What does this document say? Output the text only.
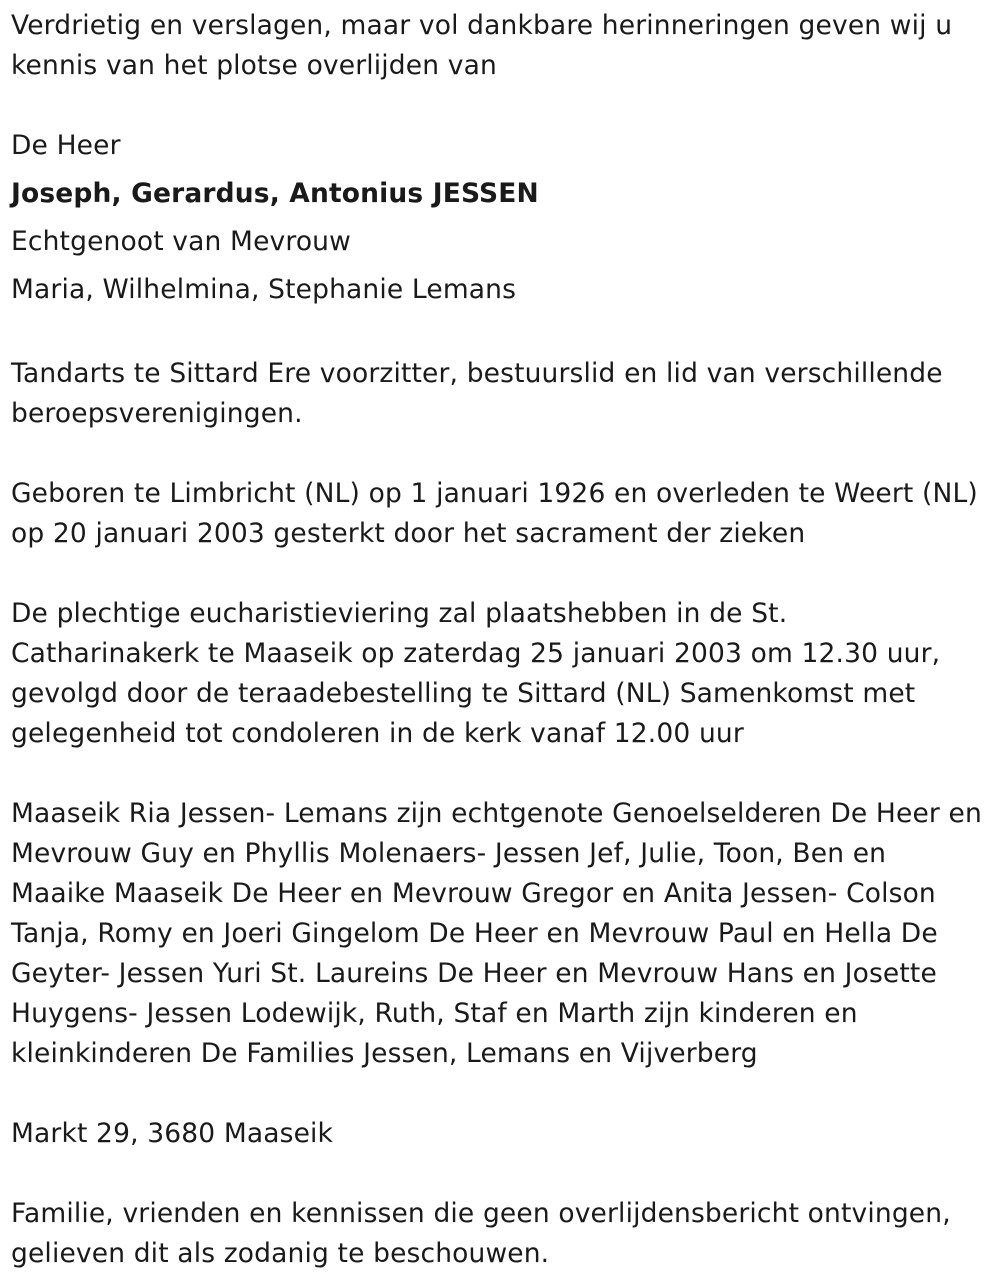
Verdrietig en verslagen, maar vol dankbare herinneringen geven wij u kennis van het plotse overlijden van

De Heer

Joseph, Gerardus, Antonius JESSEN

Echtgenoot van Mevrouw

Maria, Wilhelmina, Stephanie Lemans

Tandarts te Sittard Ere voorzitter, bestuurslid en lid van verschillende beroepsverenigingen.

Geboren te Limbricht (NL) op 1 januari 1926 en overleden te Weert (NL) op 20 januari 2003 gesterkt door het sacrament der zieken

De plechtige eucharistieviering zal plaatshebben in de St. Catharinakerk te Maaseik op zaterdag 25 januari 2003 om 12.30 uur, gevolgd door de teraadebestelling te Sittard (NL) Samenkomst met gelegenheid tot condoleren in de kerk vanaf 12.00 uur

Maaseik Ria Jessen- Lemans zijn echtgenote Genoelselderen De Heer en Mevrouw Guy en Phyllis Molenaers- Jessen Jef, Julie, Toon, Ben en Maaike Maaseik De Heer en Mevrouw Gregor en Anita Jessen- Colson Tanja, Romy en Joeri Gingelom De Heer en Mevrouw Paul en Hella De Geyter- Jessen Yuri St. Laureins De Heer en Mevrouw Hans en Josette Huygens- Jessen Lodewijk, Ruth, Staf en Marth zijn kinderen en kleinkinderen De Families Jessen, Lemans en Vijverberg

Markt 29, 3680 Maaseik

Familie, vrienden en kennissen die geen overlijdensbericht ontvingen, gelieven dit als zodanig te beschouwen.
